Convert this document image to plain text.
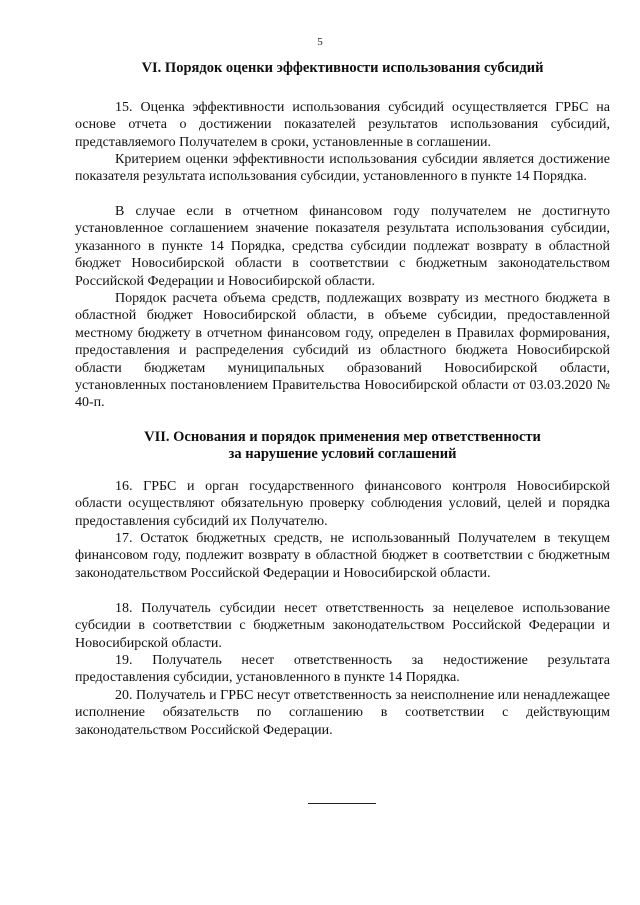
5
VI. Порядок оценки эффективности использования субсидий

15. Оценка эффективности использования субсидий осуществляется ГРБС на основе отчета о достижении показателей результатов использования субсидий, представляемого Получателем в сроки, установленные в соглашении.

Критерием оценки эффективности использования субсидии является достижение показателя результата использования субсидии, установленного в пункте 14 Порядка.

В случае если в отчетном финансовом году получателем не достигнуто установленное соглашением значение показателя результата использования субсидии, указанного в пункте 14 Порядка, средства субсидии подлежат возврату в областной бюджет Новосибирской области в соответствии с бюджетным законодательством Российской Федерации и Новосибирской области.

Порядок расчета объема средств, подлежащих возврату из местного бюджета в областной бюджет Новосибирской области, в объеме субсидии, предоставленной местному бюджету в отчетном финансовом году, определен в Правилах формирования, предоставления и распределения субсидий из областного бюджета Новосибирской области бюджетам муниципальных образований Новосибирской области, установленных постановлением Правительства Новосибирской области от 03.03.2020 № 40-п.

VII. Основания и порядок применения мер ответственности
за нарушение условий соглашений

16. ГРБС и орган государственного финансового контроля Новосибирской области осуществляют обязательную проверку соблюдения условий, целей и порядка предоставления субсидий их Получателю.

17. Остаток бюджетных средств, не использованный Получателем в текущем финансовом году, подлежит возврату в областной бюджет в соответствии с бюджетным законодательством Российской Федерации и Новосибирской области.

18. Получатель субсидии несет ответственность за нецелевое использование субсидии в соответствии с бюджетным законодательством Российской Федерации и Новосибирской области.

19. Получатель несет ответственность за недостижение результата предоставления субсидии, установленного в пункте 14 Порядка.

20. Получатель и ГРБС несут ответственность за неисполнение или ненадлежащее исполнение обязательств по соглашению в соответствии с действующим законодательством Российской Федерации.
